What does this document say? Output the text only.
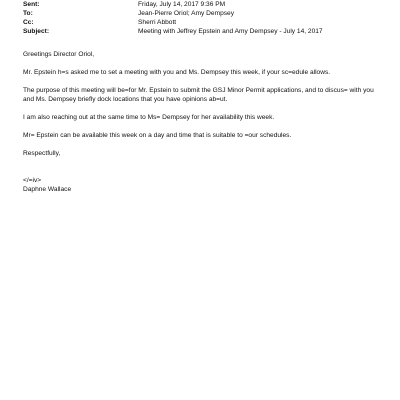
Sent:	Friday, July 14, 2017 9:36 PM
To:	Jean-Pierre Oriol; Amy Dempsey
Cc:	Sherri Abbott
Subject:	Meeting with Jeffrey Epstein and Amy Dempsey - July 14, 2017

Greetings Director Oriol,

Mr. Epstein h=s asked me to set a meeting with you and Ms. Dempsey this week, if your sc=edule allows.

The purpose of this meeting will be=for Mr. Epstein to submit the GSJ Minor Permit applications, and to discus= with you and Ms. Dempsey briefly dock locations that you have opinions ab=ut.

I am also reaching out at the same time to Ms= Dempsey for her availability this week.

Mr= Epstein can be available this week on a day and time that is suitable to =our schedules.

Respectfully,

</=iv>

Daphne Wallace
